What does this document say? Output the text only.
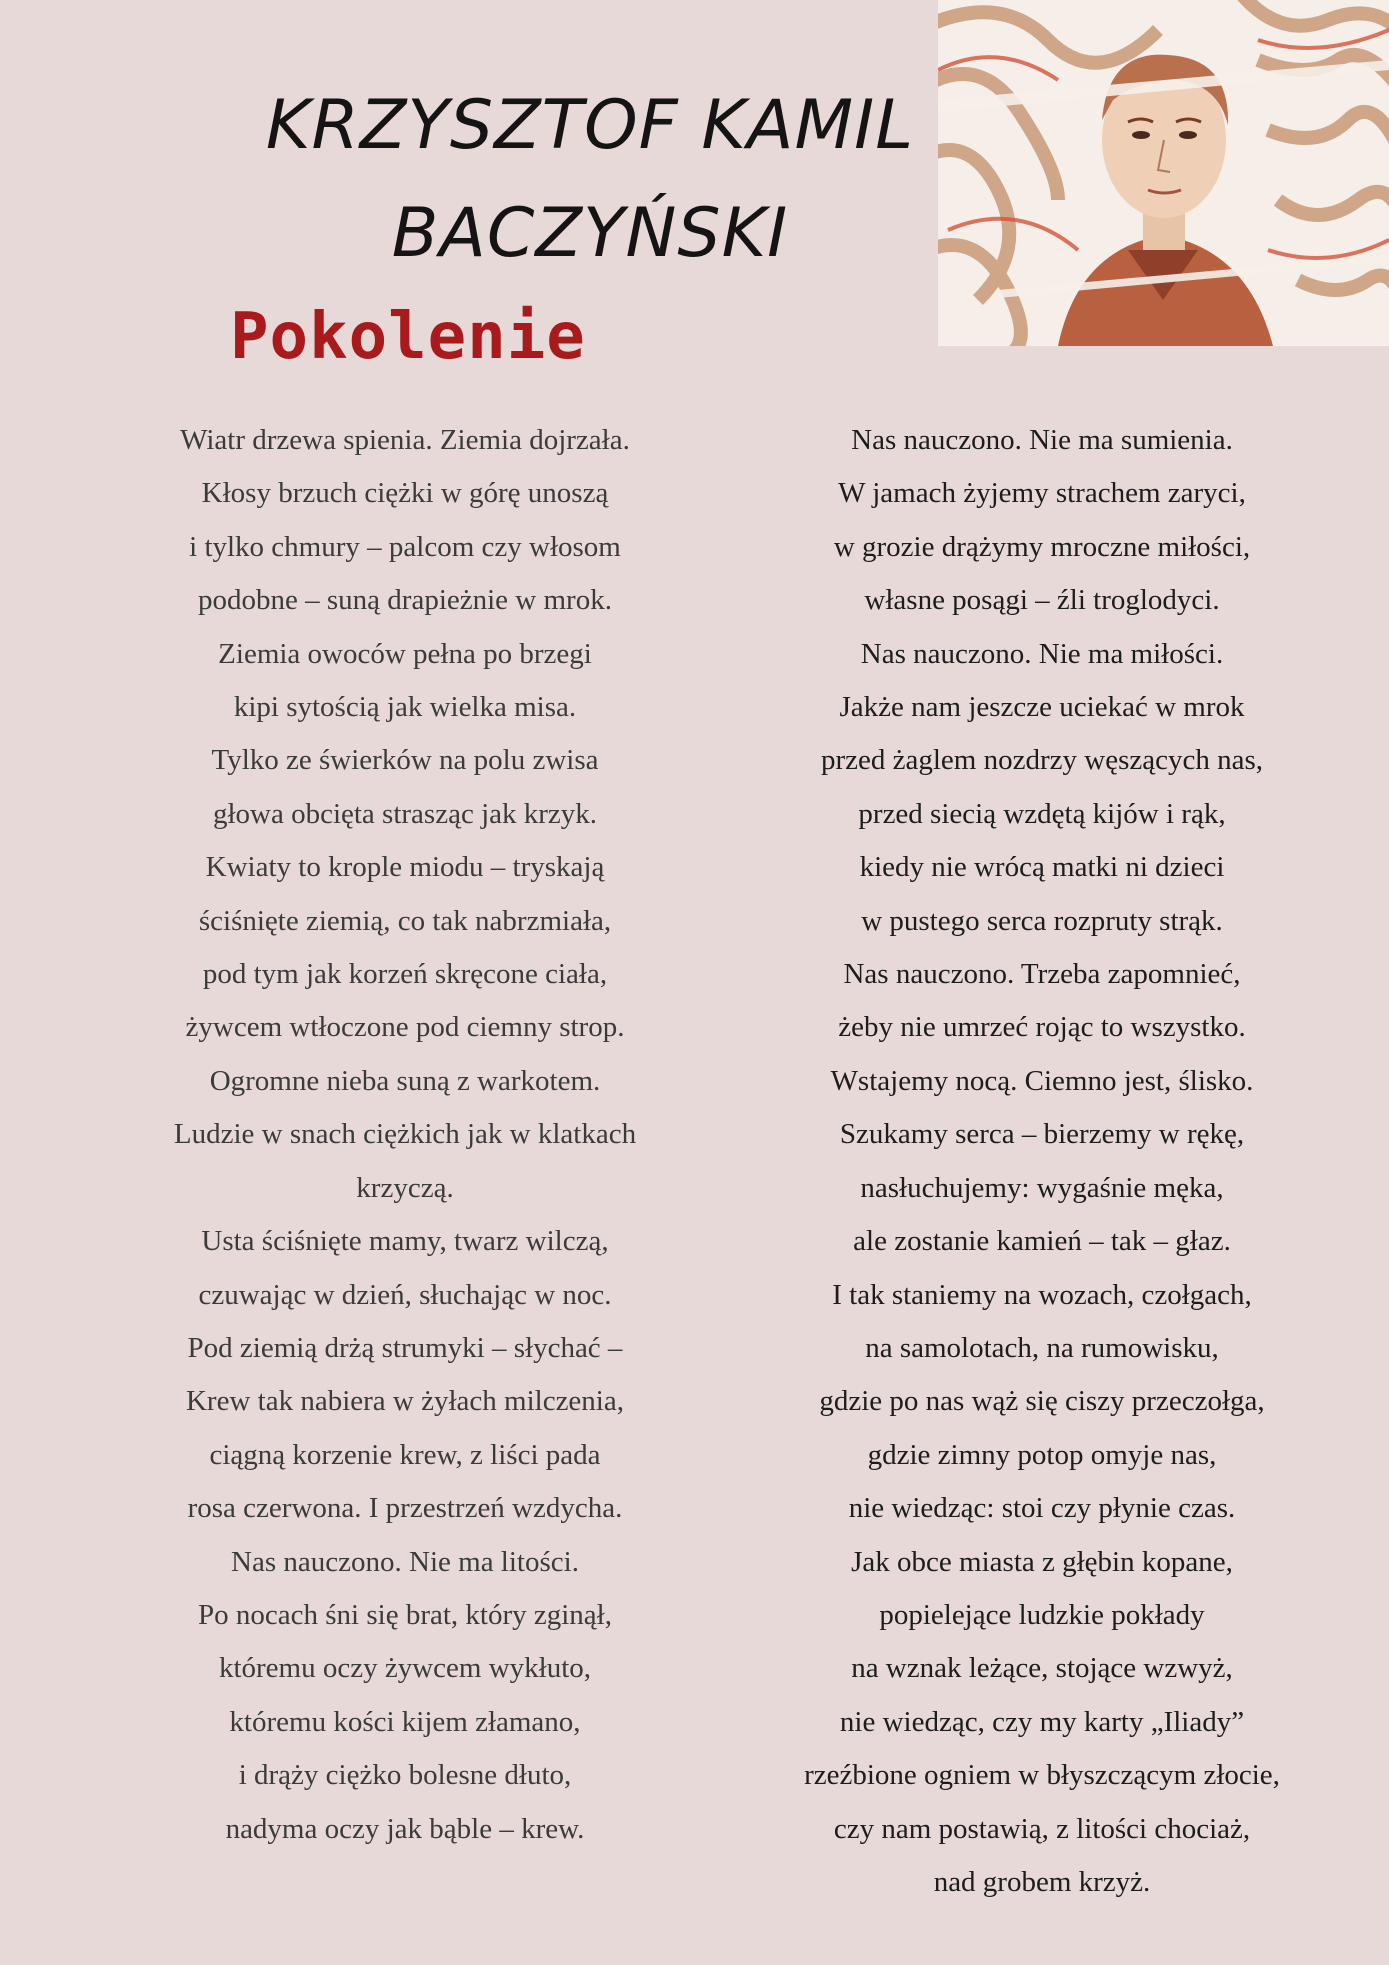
KRZYSZTOF KAMIL
BACZYŃSKI
Pokolenie
Wiatr drzewa spienia. Ziemia dojrzała.
Kłosy brzuch ciężki w górę unoszą
i tylko chmury – palcom czy włosom
podobne – suną drapieżnie w mrok.
Ziemia owoców pełna po brzegi
kipi sytością jak wielka misa.
Tylko ze świerków na polu zwisa
głowa obcięta strasząc jak krzyk.
Kwiaty to krople miodu – tryskają
ściśnięte ziemią, co tak nabrzmiała,
pod tym jak korzeń skręcone ciała,
żywcem wtłoczone pod ciemny strop.
Ogromne nieba suną z warkotem.
Ludzie w snach ciężkich jak w klatkach
krzyczą.
Usta ściśnięte mamy, twarz wilczą,
czuwając w dzień, słuchając w noc.
Pod ziemią drżą strumyki – słychać –
Krew tak nabiera w żyłach milczenia,
ciągną korzenie krew, z liści pada
rosa czerwona. I przestrzeń wzdycha.
Nas nauczono. Nie ma litości.
Po nocach śni się brat, który zginął,
któremu oczy żywcem wykłuto,
któremu kości kijem złamano,
i drąży ciężko bolesne dłuto,
nadyma oczy jak bąble – krew.
Nas nauczono. Nie ma sumienia.
W jamach żyjemy strachem zaryci,
w grozie drążymy mroczne miłości,
własne posągi – źli troglodyci.
Nas nauczono. Nie ma miłości.
Jakże nam jeszcze uciekać w mrok
przed żaglem nozdrzy węszących nas,
przed siecią wzdętą kijów i rąk,
kiedy nie wrócą matki ni dzieci
w pustego serca rozpruty strąk.
Nas nauczono. Trzeba zapomnieć,
żeby nie umrzeć rojąc to wszystko.
Wstajemy nocą. Ciemno jest, ślisko.
Szukamy serca – bierzemy w rękę,
nasłuchujemy: wygaśnie męka,
ale zostanie kamień – tak – głaz.
I tak staniemy na wozach, czołgach,
na samolotach, na rumowisku,
gdzie po nas wąż się ciszy przeczołga,
gdzie zimny potop omyje nas,
nie wiedząc: stoi czy płynie czas.
Jak obce miasta z głębin kopane,
popielejące ludzkie pokłady
na wznak leżące, stojące wzwyż,
nie wiedząc, czy my karty „Iliady”
rzeźbione ogniem w błyszczącym złocie,
czy nam postawią, z litości chociaż,
nad grobem krzyż.
